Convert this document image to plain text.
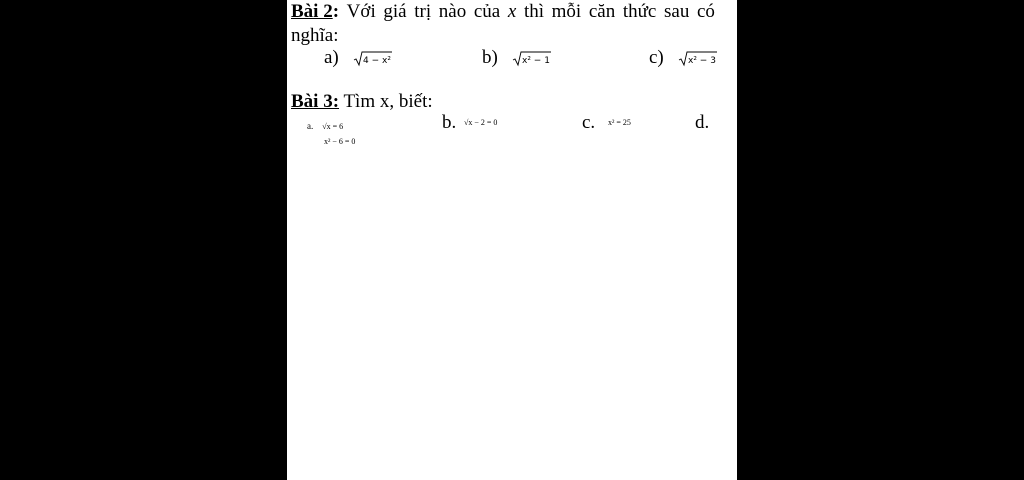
Bài 2: Với giá trị nào của x thì mỗi căn thức sau có
nghĩa:
a)	4 − x²	b)	x² − 1	c)	x² − 3
Bài 3: Tìm x, biết:
a. √x = 6	b. $^{√x - 2 = 0}$	c. $^{x^2 = 25}$	d.
x² − 6 = 0
